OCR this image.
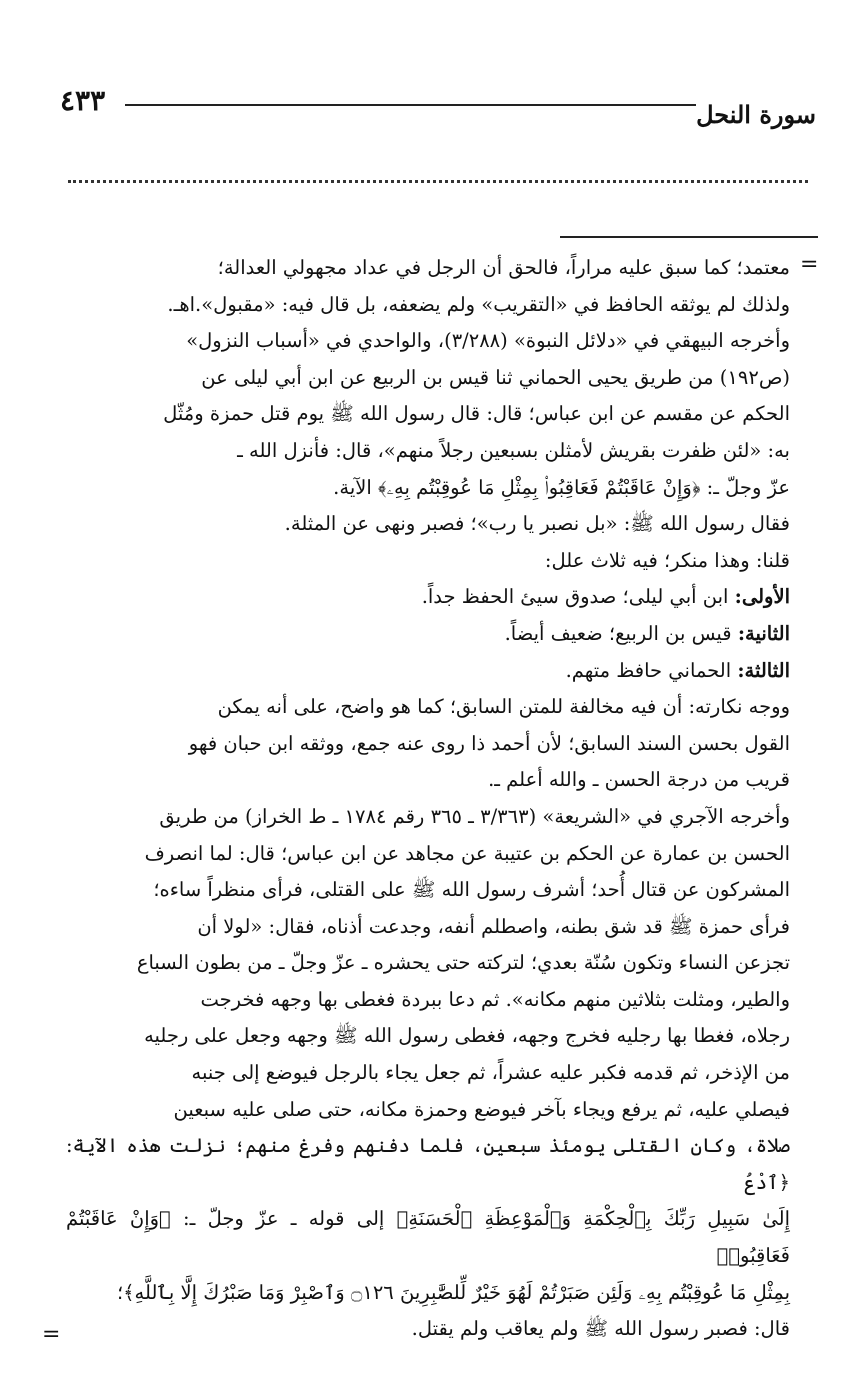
سورة النحل
٤٣٣
=

معتمد؛ كما سبق عليه مراراً، فالحق أن الرجل في عداد مجهولي العدالة؛

ولذلك لم يوثقه الحافظ في «التقريب» ولم يضعفه، بل قال فيه: «مقبول».اهـ.

وأخرجه البيهقي في «دلائل النبوة» (٣/٢٨٨)، والواحدي في «أسباب النزول»

(ص١٩٢) من طريق يحيى الحماني ثنا قيس بن الربيع عن ابن أبي ليلى عن

الحكم عن مقسم عن ابن عباس؛ قال: قال رسول الله ﷺ يوم قتل حمزة ومُثّل

به: «لئن ظفرت بقريش لأمثلن بسبعين رجلاً منهم»، قال: فأنزل الله ـ

عزّ وجلّ ـ: ﴿وَإِنْ عَاقَبْتُمْ فَعَاقِبُوا۟ بِمِثْلِ مَا عُوقِبْتُم بِهِۦ﴾ الآية.

فقال رسول الله ﷺ: «بل نصبر يا رب»؛ فصبر ونهى عن المثلة.

قلنا: وهذا منكر؛ فيه ثلاث علل:

الأولى: ابن أبي ليلى؛ صدوق سيئ الحفظ جداً.

الثانية: قيس بن الربيع؛ ضعيف أيضاً.

الثالثة: الحماني حافظ متهم.

ووجه نكارته: أن فيه مخالفة للمتن السابق؛ كما هو واضح، على أنه يمكن

القول بحسن السند السابق؛ لأن أحمد ذا روى عنه جمع، ووثقه ابن حبان فهو

قريب من درجة الحسن ـ والله أعلم ـ.

وأخرجه الآجري في «الشريعة» (٣/٣٦٣ ـ ٣٦٥ رقم ١٧٨٤ ـ ط الخراز) من طريق

الحسن بن عمارة عن الحكم بن عتيبة عن مجاهد عن ابن عباس؛ قال: لما انصرف

المشركون عن قتال أُحد؛ أشرف رسول الله ﷺ على القتلى، فرأى منظراً ساءه؛

فرأى حمزة ﷺ قد شق بطنه، واصطلم أنفه، وجدعت أذناه، فقال: «لولا أن

تجزعن النساء وتكون سُنّة بعدي؛ لتركته حتى يحشره ـ عزّ وجلّ ـ من بطون السباع

والطير، ومثلت بثلاثين منهم مكانه». ثم دعا ببردة فغطى بها وجهه فخرجت

رجلاه، فغطا بها رجليه فخرج وجهه، فغطى رسول الله ﷺ وجهه وجعل على رجليه

من الإذخر، ثم قدمه فكبر عليه عشراً، ثم جعل يجاء بالرجل فيوضع إلى جنبه

فيصلي عليه، ثم يرفع ويجاء بآخر فيوضع وحمزة مكانه، حتى صلى عليه سبعين

صلاة، وكان القتلى يومئذ سبعين، فلما دفنهم وفرغ منهم؛ نزلت هذه الآية: ﴿ٱدْعُ

إِلَىٰ سَبِيلِ رَبِّكَ بِٱلْحِكْمَةِ وَٱلْمَوْعِظَةِ ٱلْحَسَنَةِ﴾ إلى قوله ـ عزّ وجلّ ـ: ﴿وَإِنْ عَاقَبْتُمْ فَعَاقِبُوا۟

بِمِثْلِ مَا عُوقِبْتُم بِهِۦ وَلَئِن صَبَرْتُمْ لَهُوَ خَيْرٌ لِّلصَّٰبِرِينَ ۝١٢٦ وَٱصْبِرْ وَمَا صَبْرُكَ إِلَّا بِٱللَّهِ﴾؛

قال: فصبر رسول الله ﷺ ولم يعاقب ولم يقتل.

=
